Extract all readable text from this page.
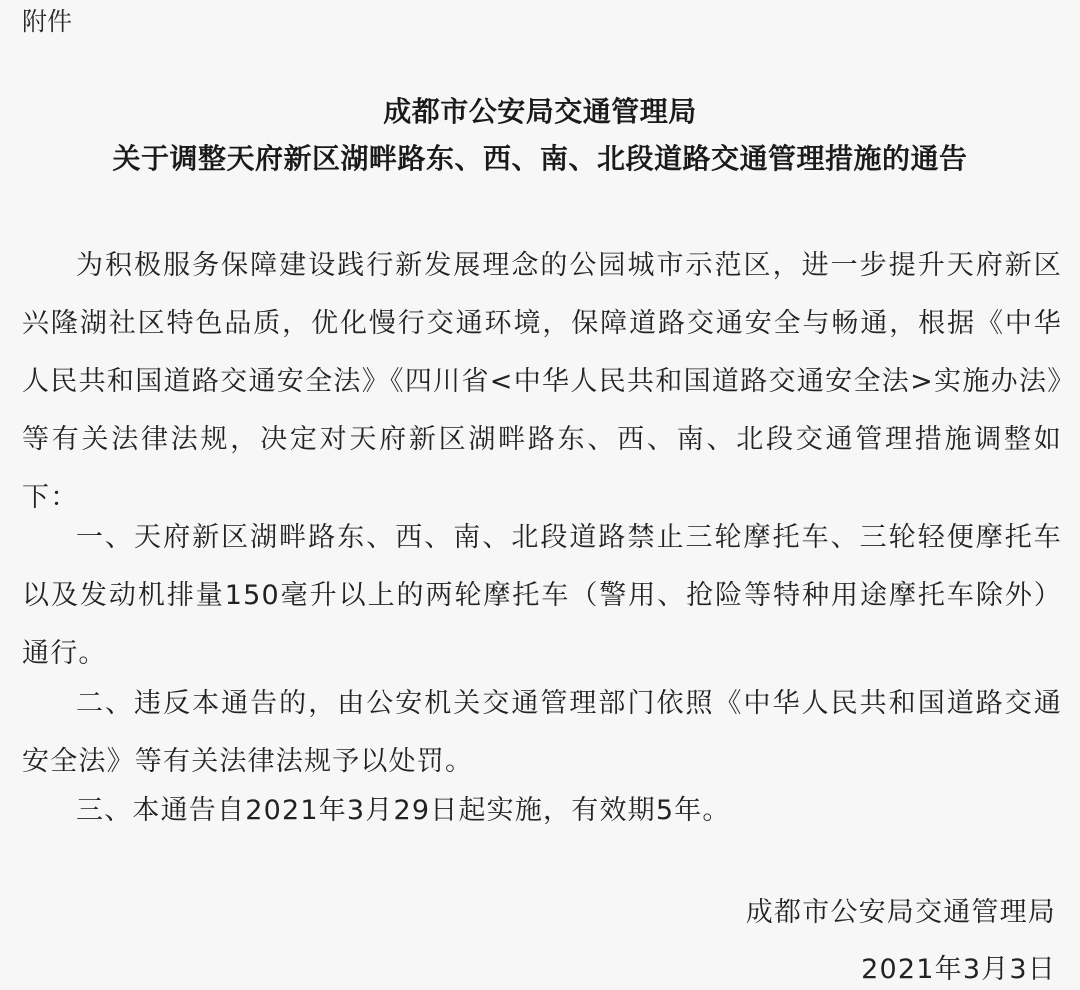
附件
成都市公安局交通管理局
关于调整天府新区湖畔路东、西、南、北段道路交通管理措施的通告

为积极服务保障建设践行新发展理念的公园城市示范区，进一步提升天府新区兴隆湖社区特色品质，优化慢行交通环境，保障道路交通安全与畅通，根据《中华人民共和国道路交通安全法》《四川省<中华人民共和国道路交通安全法>实施办法》等有关法律法规，决定对天府新区湖畔路东、西、南、北段交通管理措施调整如下：

一、天府新区湖畔路东、西、南、北段道路禁止三轮摩托车、三轮轻便摩托车以及发动机排量150毫升以上的两轮摩托车（警用、抢险等特种用途摩托车除外）通行。

二、违反本通告的，由公安机关交通管理部门依照《中华人民共和国道路交通安全法》等有关法律法规予以处罚。

三、本通告自2021年3月29日起实施，有效期5年。

成都市公安局交通管理局
2021年3月3日
